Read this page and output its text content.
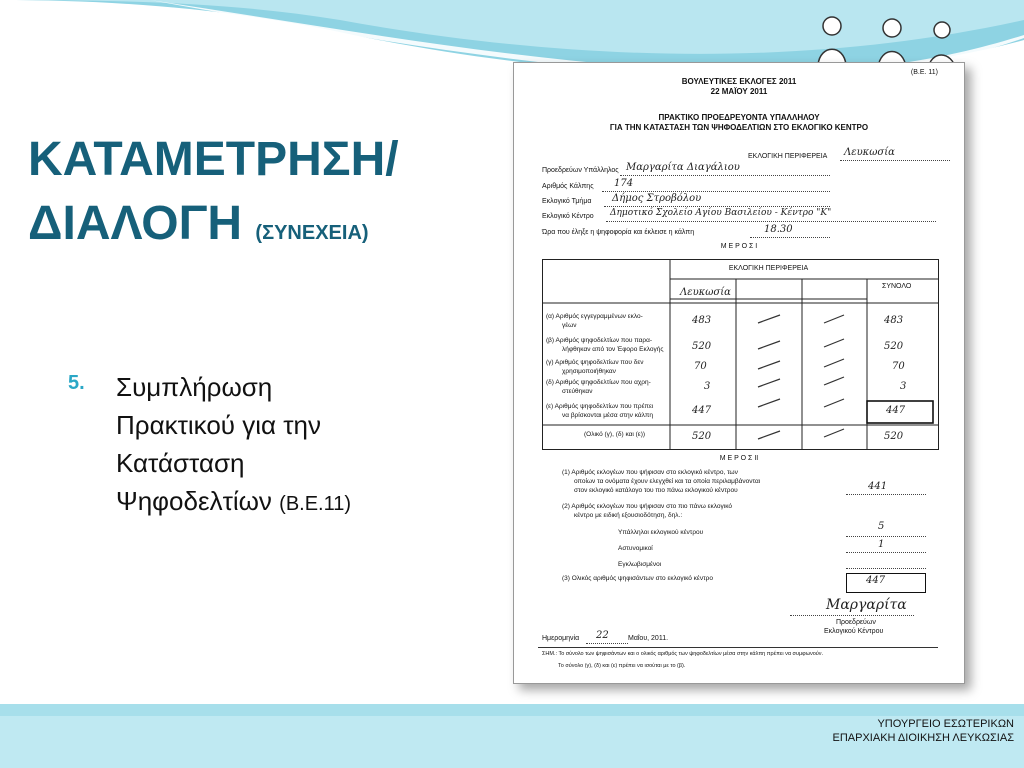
ΚΑΤΑΜΕΤΡΗΣΗ/
ΔΙΑΛΟΓΗ (ΣΥΝΕΧΕΙΑ)
5. Συμπλήρωση
Πρακτικού για την
Κατάσταση
Ψηφοδελτίων (Β.Ε.11)
(B.E. 11)
ΒΟΥΛΕΥΤΙΚΕΣ ΕΚΛΟΓΕΣ 2011
22 ΜΑΪΟΥ 2011
ΠΡΑΚΤΙΚΟ ΠΡΟΕΔΡΕΥΟΝΤΑ ΥΠΑΛΛΗΛΟΥ
ΓΙΑ ΤΗΝ ΚΑΤΑΣΤΑΣΗ ΤΩΝ ΨΗΦΟΔΕΛΤΙΩΝ ΣΤΟ ΕΚΛΟΓΙΚΟ ΚΕΝΤΡΟ
ΕΚΛΟΓΙΚΗ ΠΕΡΙΦΕΡΕΙΑ Λευκωσία
Προεδρεύων Υπάλληλος Μαργαρίτα Διαγάλιου
Αριθμός Κάλπης 174
Εκλογικό Τμήμα Δήμος Στροβόλου
Εκλογικό Κέντρο Δημοτικό Σχολείο Αγίου Βασιλείου - Κέντρο "Κ"
Ώρα που έληξε η ψηφοφορία και έκλεισε η κάλπη	18.30
Μ Ε Ρ Ο Σ Ι
ΕΚΛΟΓΙΚΗ ΠΕΡΙΦΕΡΕΙΑ
Λευκωσία
ΣΥΝΟΛΟ
(α) Αριθμός εγγεγραμμένων εκλο-
γέων	483	483
(β) Αριθμός ψηφοδελτίων που παρα-
λήφθηκαν από τον Έφορο Εκλογής	520	520
(γ) Αριθμός ψηφοδελτίων που δεν
χρησιμοποιήθηκαν	70	70
(δ) Αριθμός ψηφοδελτίων που αχρη-
στεύθηκαν	3	3
(ε) Αριθμός ψηφοδελτίων που πρέπει
να βρίσκονται μέσα στην κάλπη	447	447
(Ολικό (γ), (δ) και (ε))	520	520
Μ Ε Ρ Ο Σ ΙΙ
(1) Αριθμός εκλογέων που ψήφισαν στο εκλογικό κέντρο, των
οποίων τα ονόματα έχουν ελεγχθεί και τα οποία περιλαμβάνονται
στον εκλογικό κατάλογο του πιο πάνω εκλογικού κέντρου	441
(2) Αριθμός εκλογέων που ψήφισαν στο πιο πάνω εκλογικό
κέντρο με ειδική εξουσιοδότηση, δηλ.:
Υπάλληλοι εκλογικού κέντρου
5
Αστυνομικοί	1
Εγκλωβισμένοι
(3) Ολικός αριθμός ψηφισάντων στο εκλογικό κέντρο	447
Μαργαρίτα
Προεδρεύων
Εκλογικού Κέντρου
Ημερομηνία 22	Μαΐου, 2011.
ΣΗΜ.: Το σύνολο των ψηφισάντων και ο ολικός αριθμός των ψηφοδελτίων μέσα στην κάλπη πρέπει να συμφωνούν.
Το σύνολο (γ), (δ) και (ε) πρέπει να ισούται με το (β).
ΥΠΟΥΡΓΕΙΟ ΕΣΩΤΕΡΙΚΩΝ
ΕΠΑΡΧΙΑΚΗ ΔΙΟΙΚΗΣΗ ΛΕΥΚΩΣΙΑΣ
